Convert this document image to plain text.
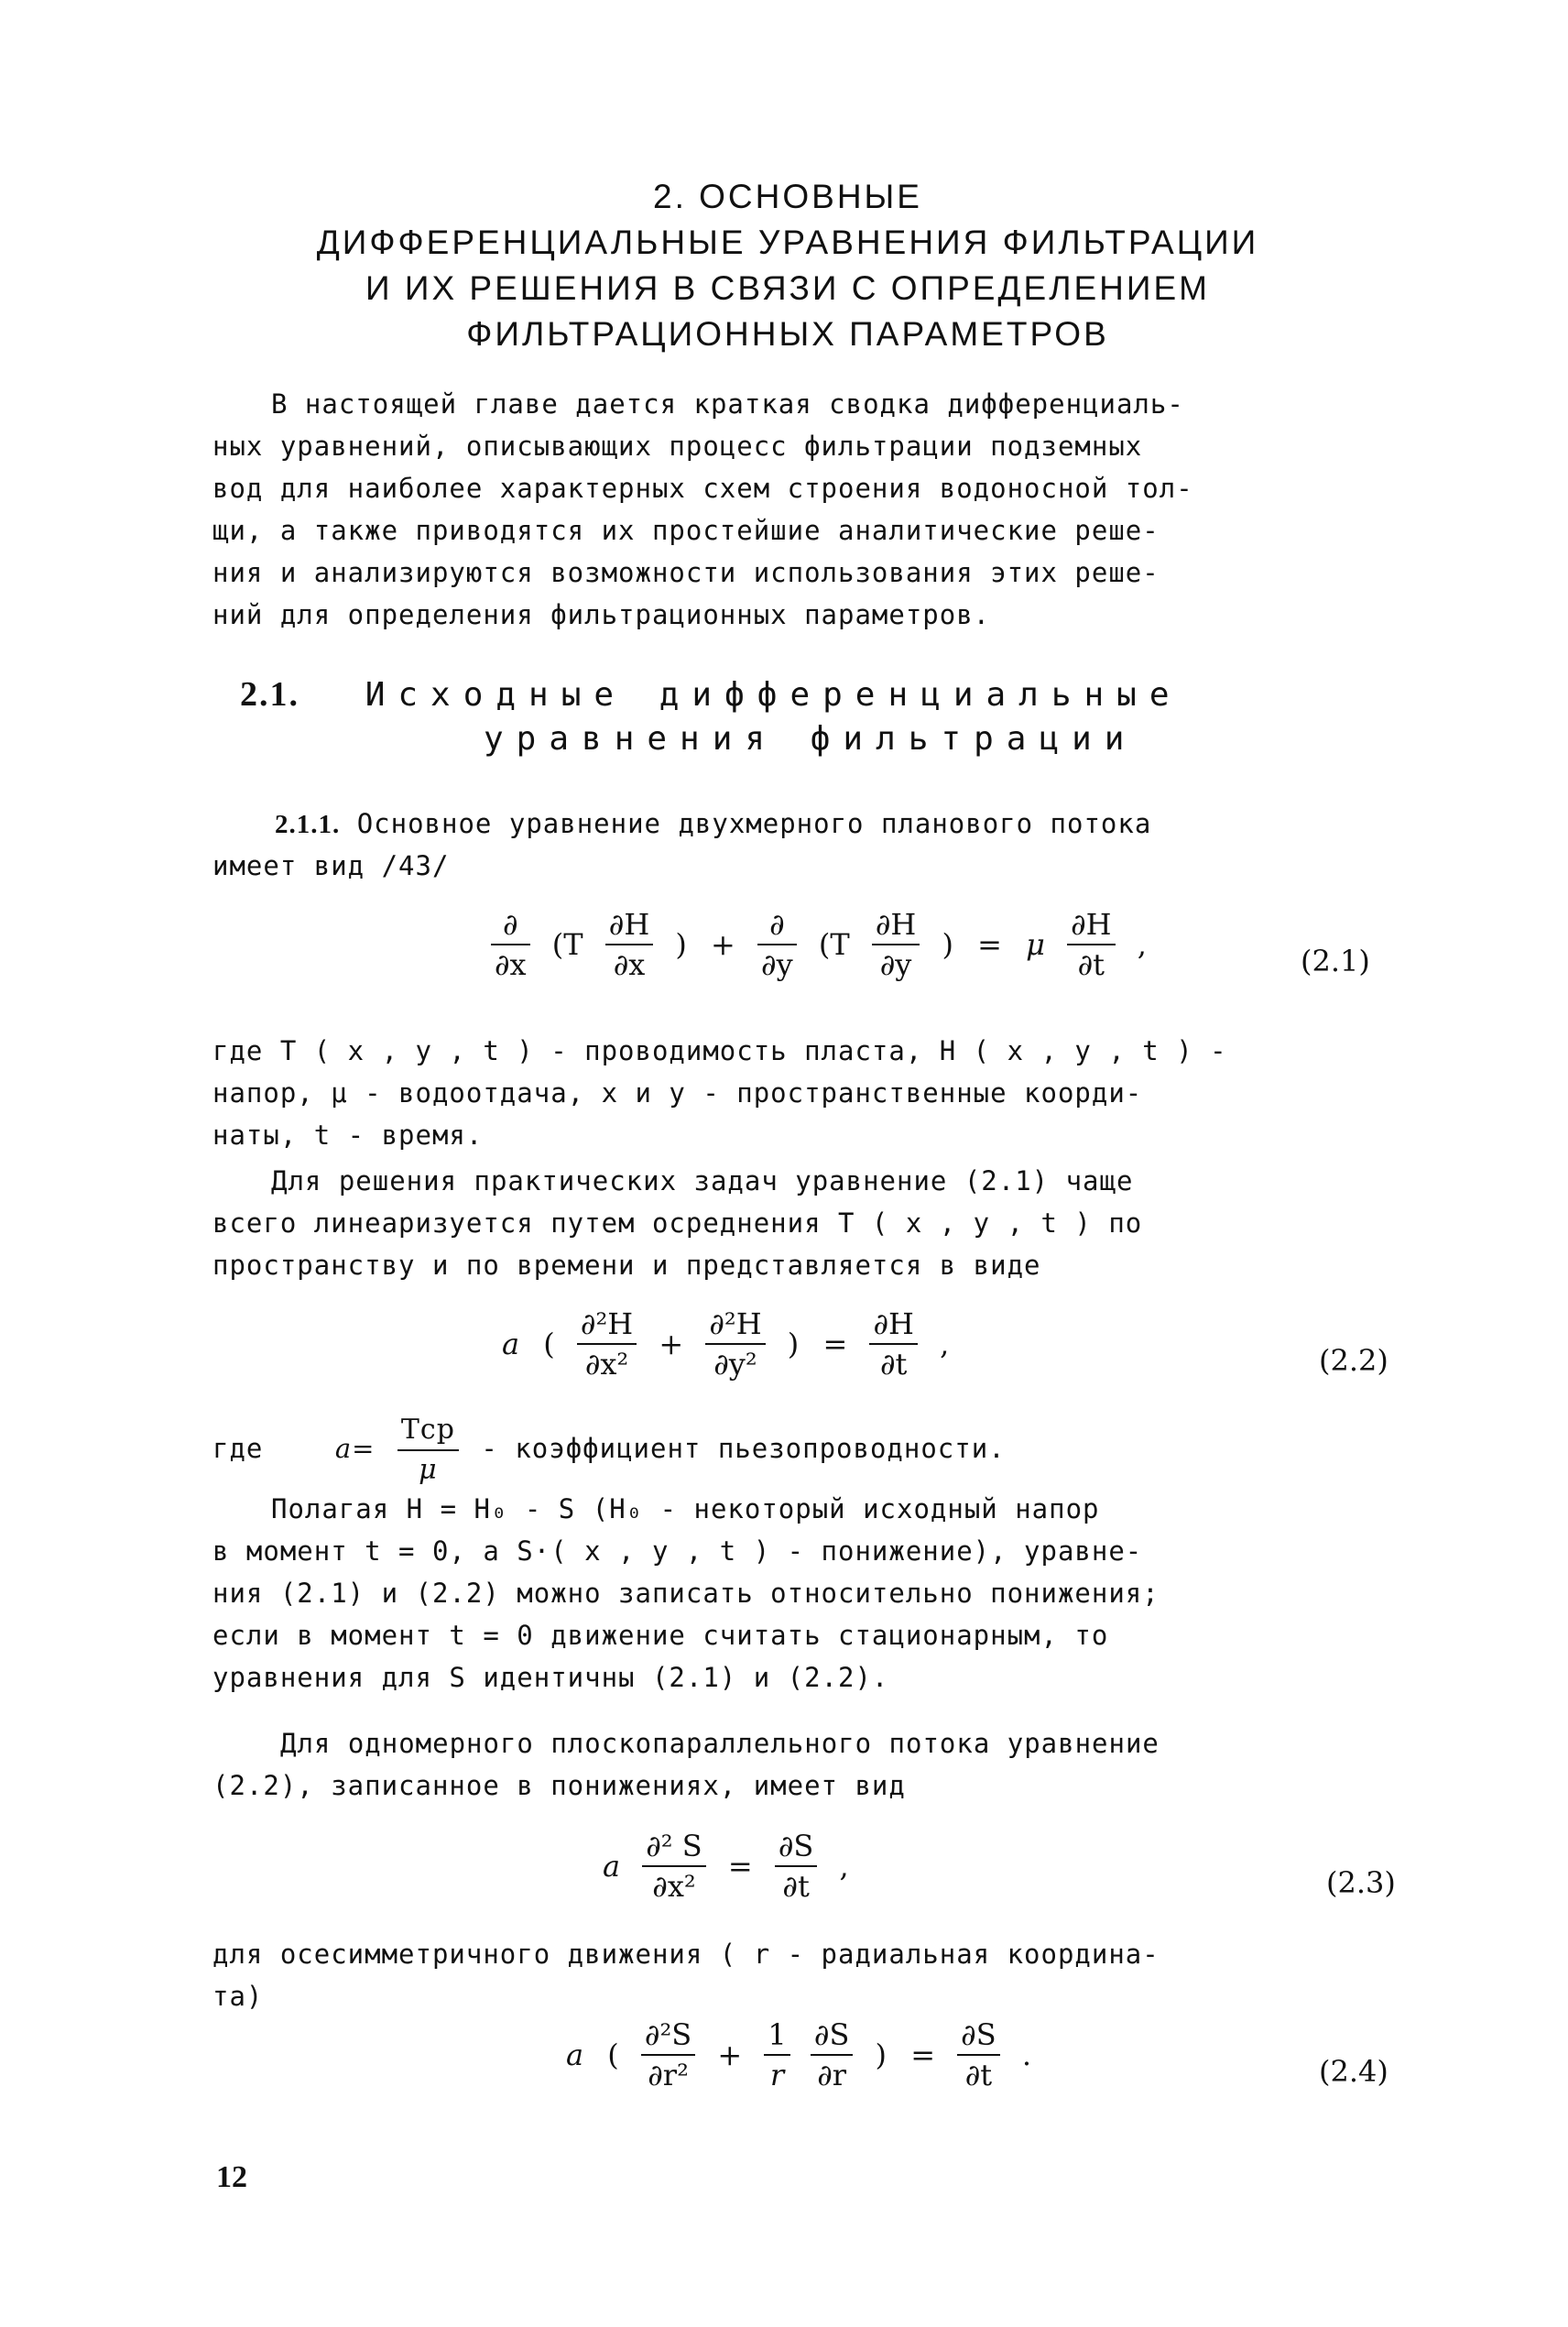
2. ОСНОВНЫЕ
ДИФФЕРЕНЦИАЛЬНЫЕ УРАВНЕНИЯ ФИЛЬТРАЦИИ
И ИХ РЕШЕНИЯ В СВЯЗИ С ОПРЕДЕЛЕНИЕМ
ФИЛЬТРАЦИОННЫХ ПАРАМЕТРОВ
В настоящей главе дается краткая сводка дифференциаль-
ных уравнений, описывающих процесс фильтрации подземных
вод для наиболее характерных схем строения водоносной тол-
щи, а также приводятся их простейшие аналитические реше-
ния и анализируются возможности использования этих реше-
ний для определения фильтрационных параметров.
2.1. Исходные дифференциальные
уравнения фильтрации
2.1.1. Основное уравнение двухмерного планового потока
имеет вид /43/
$\frac{\partial}{\partial x} (T \frac{\partial H}{\partial x}$ ) + $\frac{\partial}{\partial y} (T \frac{\partial H}{\partial y}$ ) = μ $\frac{\partial H}{\partial t}$ ,	(2.1)
где T ( x , y , t ) - проводимость пласта, H ( x , y , t ) -
напор, μ - водоотдача, x и y - пространственные коорди-
наты, t - время.
Для решения практических задач уравнение (2.1) чаще
всего линеаризуется путем осреднения T ( x , y , t ) по
пространству и по времени и представляется в виде
a ( $\frac{\text{∂²H}}{\text{∂x²}} + \frac{\text{∂²H}}{\text{∂y²}}$ ) = $\frac{\partial H}{\partial t}$ ,	(2.2)
где	$a= \frac{\text{Tср}}{\mu}$ - коэффициент пьезопроводности.
Полагая H = H₀ - S (H₀ - некоторый исходный напор
в момент t = 0, а S·( x , y , t ) - понижение), уравне-
ния (2.1) и (2.2) можно записать относительно понижения;
если в момент t = 0 движение считать стационарным, то
уравнения для S идентичны (2.1) и (2.2).
Для одномерного плоскопараллельного потока уравнение
(2.2), записанное в понижениях, имеет вид
a $\frac{\text{∂² S}}{\text{∂x²}} = \frac{\partial S}{\partial t}$ ,	(2.3)
для осесимметричного движения ( r - радиальная координа-
та)
a ( $\frac{\text{∂²S}}{\text{∂r²}} + \frac{1}{r}$
$\frac{\partial S}{\partial r}$ ) = $\frac{\partial S}{\partial t}$ .	(2.4)
12
